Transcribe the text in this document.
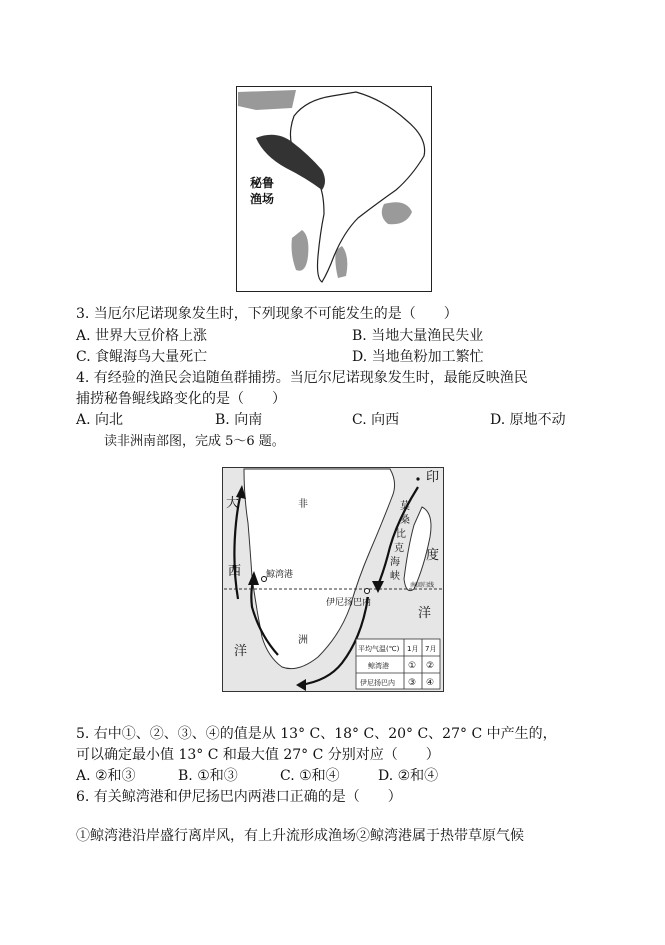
秘鲁
渔场
3. 当厄尔尼诺现象发生时，下列现象不可能发生的是（　　）
A. 世界大豆价格上涨	B. 当地大量渔民失业
C. 食鲲海鸟大量死亡	D. 当地鱼粉加工繁忙
4. 有经验的渔民会追随鱼群捕捞。当厄尔尼诺现象发生时，最能反映渔民
捕捞秘鲁鲲线路变化的是（　　）
A. 向北	B. 向南	C. 向西	D. 原地不动
读非洲南部图，完成 5～6 题。
大
西
洋
非
洲
印
度
洋
莫
桑
比
克
海
峡
鲸湾港
伊尼扬巴内
南回归线
平均气温(℃) 1月 7月
鲸湾港 ① ②
伊尼扬巴内 ③ ④
5. 右中①、②、③、④的值是从 13° C、18° C、20° C、27° C 中产生的，
可以确定最小值 13° C 和最大值 27° C 分别对应（　　）
A. ②和③	B. ①和③	C. ①和④	D. ②和④
6. 有关鲸湾港和伊尼扬巴内两港口正确的是（　　）
①鲸湾港沿岸盛行离岸风，有上升流形成渔场②鲸湾港属于热带草原气候
